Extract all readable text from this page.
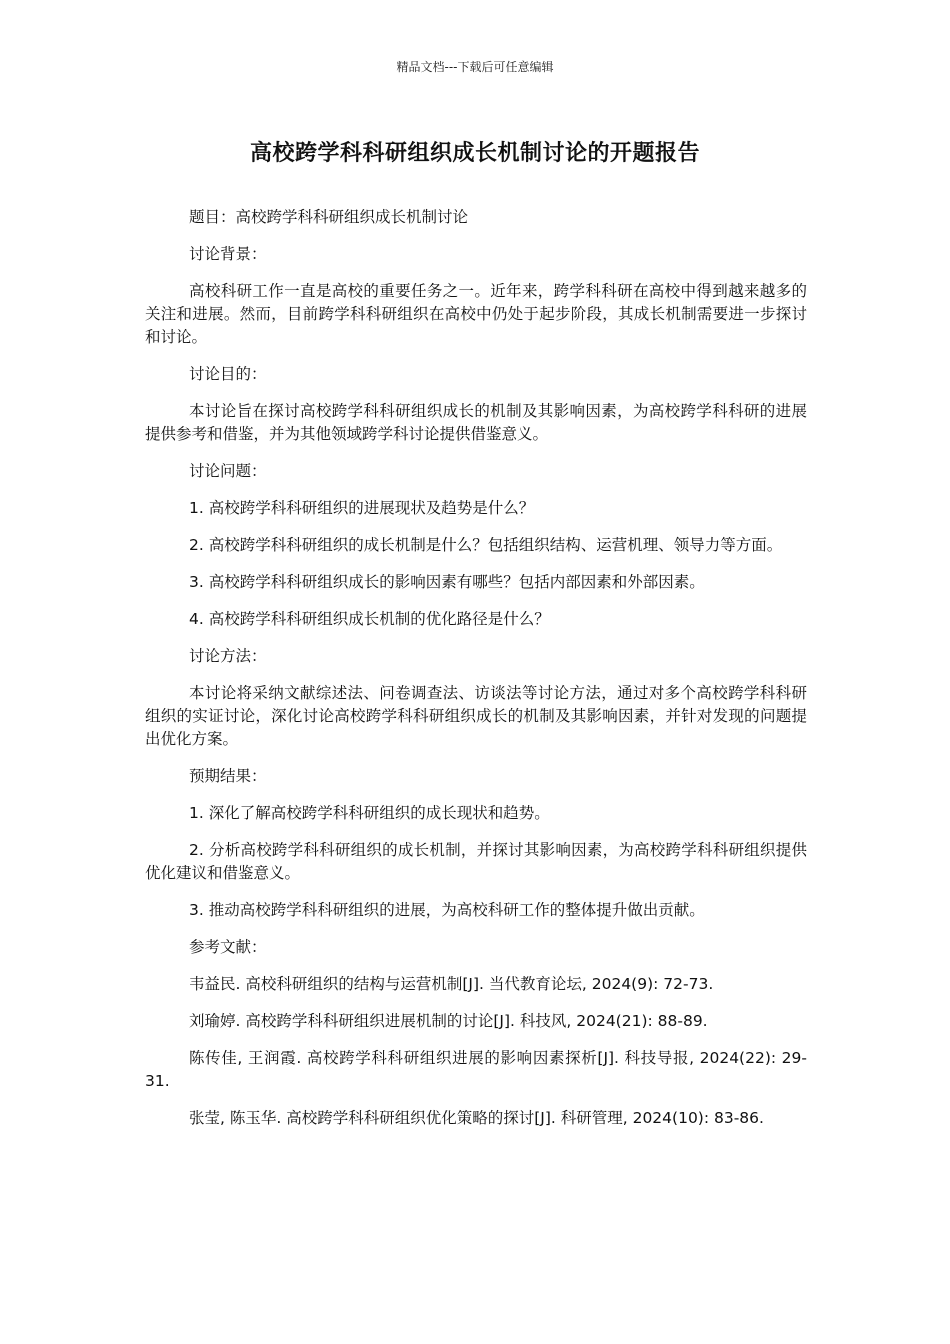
精品文档---下载后可任意编辑
高校跨学科科研组织成长机制讨论的开题报告

题目：高校跨学科科研组织成长机制讨论

讨论背景：

高校科研工作一直是高校的重要任务之一。近年来，跨学科科研在高校中得到越来越多的关注和进展。然而，目前跨学科科研组织在高校中仍处于起步阶段，其成长机制需要进一步探讨和讨论。

讨论目的：

本讨论旨在探讨高校跨学科科研组织成长的机制及其影响因素，为高校跨学科科研的进展提供参考和借鉴，并为其他领域跨学科讨论提供借鉴意义。

讨论问题：

1. 高校跨学科科研组织的进展现状及趋势是什么？

2. 高校跨学科科研组织的成长机制是什么？包括组织结构、运营机理、领导力等方面。

3. 高校跨学科科研组织成长的影响因素有哪些？包括内部因素和外部因素。

4. 高校跨学科科研组织成长机制的优化路径是什么？

讨论方法：

本讨论将采纳文献综述法、问卷调查法、访谈法等讨论方法，通过对多个高校跨学科科研组织的实证讨论，深化讨论高校跨学科科研组织成长的机制及其影响因素，并针对发现的问题提出优化方案。

预期结果：

1. 深化了解高校跨学科科研组织的成长现状和趋势。

2. 分析高校跨学科科研组织的成长机制，并探讨其影响因素，为高校跨学科科研组织提供优化建议和借鉴意义。

3. 推动高校跨学科科研组织的进展，为高校科研工作的整体提升做出贡献。

参考文献：

韦益民. 高校科研组织的结构与运营机制[J]. 当代教育论坛, 2024(9): 72-73.

刘瑜婷. 高校跨学科科研组织进展机制的讨论[J]. 科技风, 2024(21): 88-89.

陈传佳, 王润霞. 高校跨学科科研组织进展的影响因素探析[J]. 科技导报, 2024(22): 29-31.

张莹, 陈玉华. 高校跨学科科研组织优化策略的探讨[J]. 科研管理, 2024(10): 83-86.
